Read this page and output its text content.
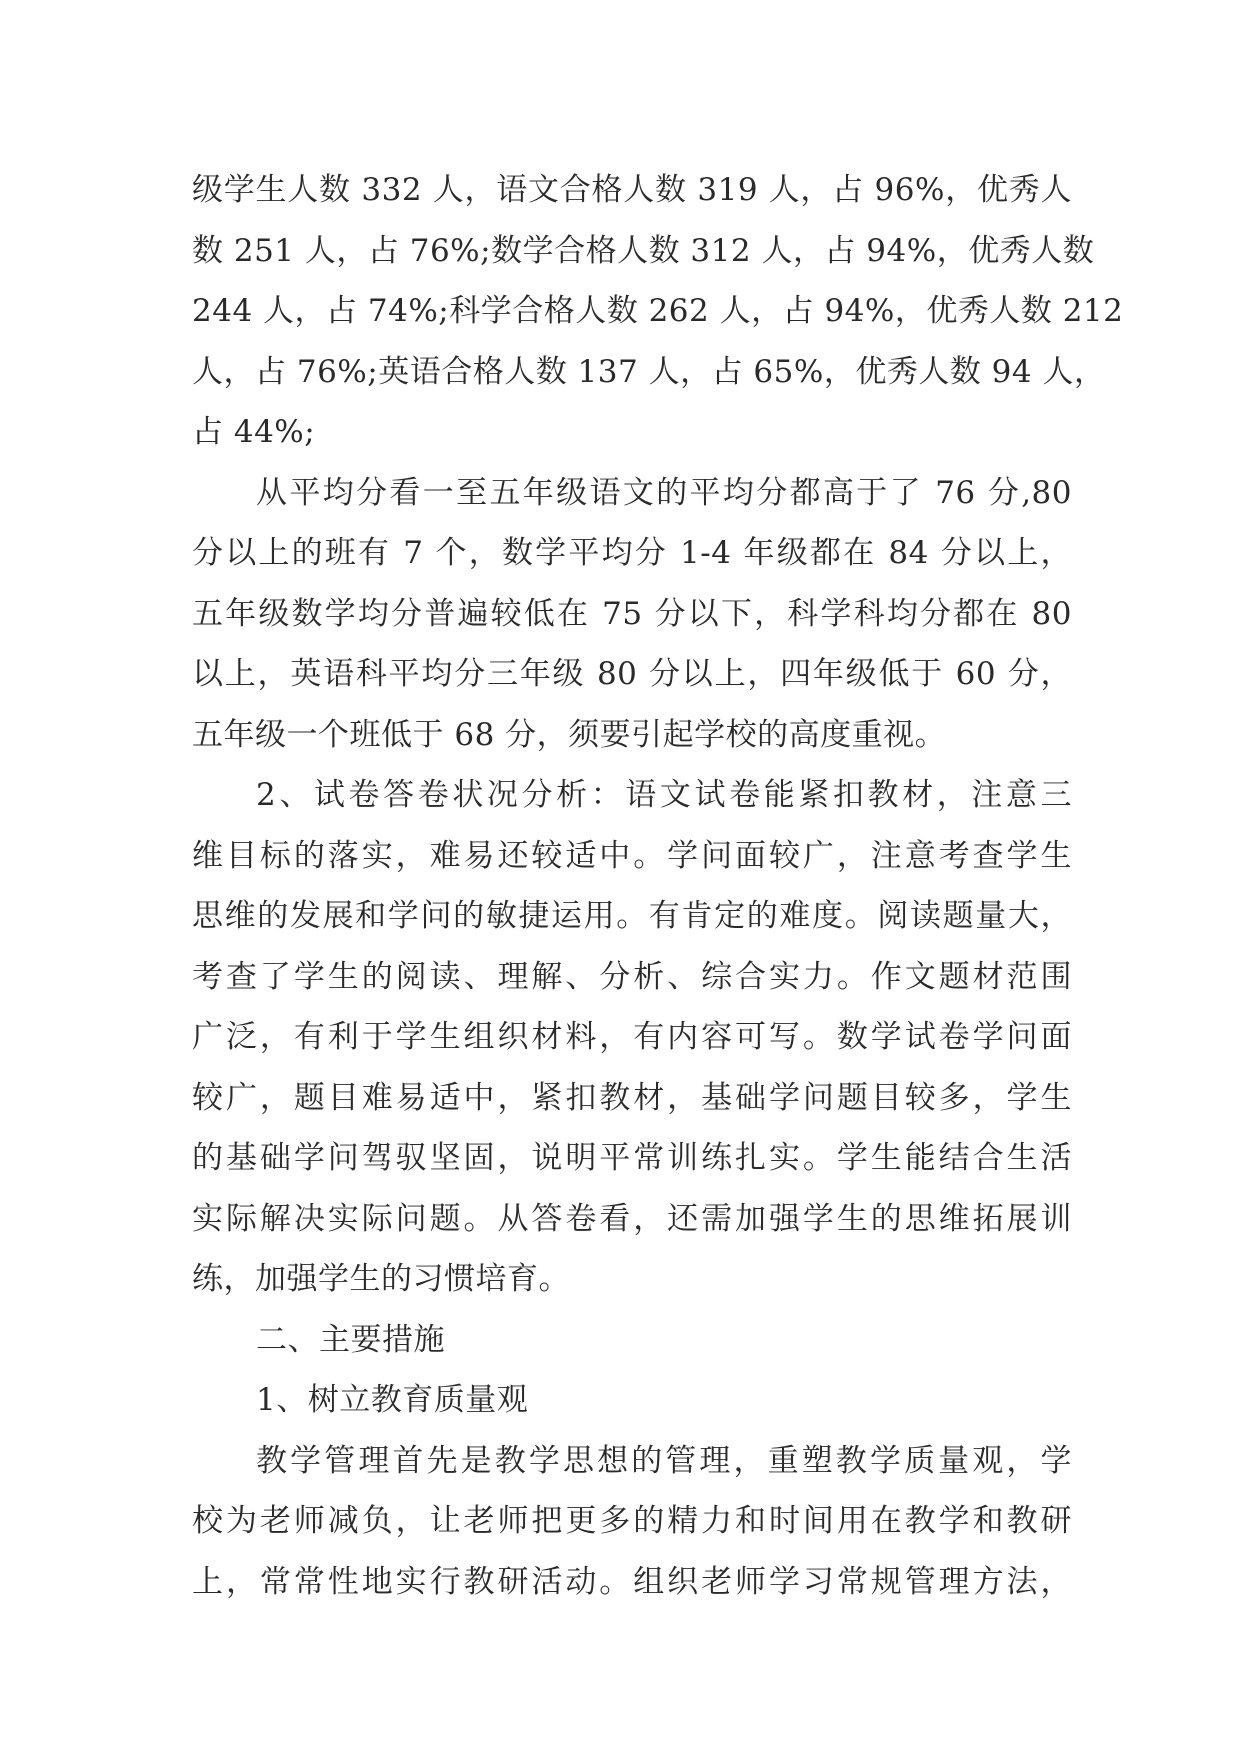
级学生人数 332 人，语文合格人数 319 人，占 96%，优秀人
数 251 人，占 76%;数学合格人数 312 人，占 94%，优秀人数
244 人，占 74%;科学合格人数 262 人，占 94%，优秀人数 212
人，占 76%;英语合格人数 137 人，占 65%，优秀人数 94 人，
占 44%;
从平均分看一至五年级语文的平均分都高于了 76 分,80
分以上的班有 7 个，数学平均分 1-4 年级都在 84 分以上，
五年级数学均分普遍较低在 75 分以下，科学科均分都在 80
以上，英语科平均分三年级 80 分以上，四年级低于 60 分，
五年级一个班低于 68 分，须要引起学校的高度重视。
2、试卷答卷状况分析：语文试卷能紧扣教材，注意三
维目标的落实，难易还较适中。学问面较广，注意考查学生
思维的发展和学问的敏捷运用。有肯定的难度。阅读题量大，
考查了学生的阅读、理解、分析、综合实力。作文题材范围
广泛，有利于学生组织材料，有内容可写。数学试卷学问面
较广，题目难易适中，紧扣教材，基础学问题目较多，学生
的基础学问驾驭坚固，说明平常训练扎实。学生能结合生活
实际解决实际问题。从答卷看，还需加强学生的思维拓展训
练，加强学生的习惯培育。
二、主要措施
1、树立教育质量观
教学管理首先是教学思想的管理，重塑教学质量观，学
校为老师减负，让老师把更多的精力和时间用在教学和教研
上，常常性地实行教研活动。组织老师学习常规管理方法，
